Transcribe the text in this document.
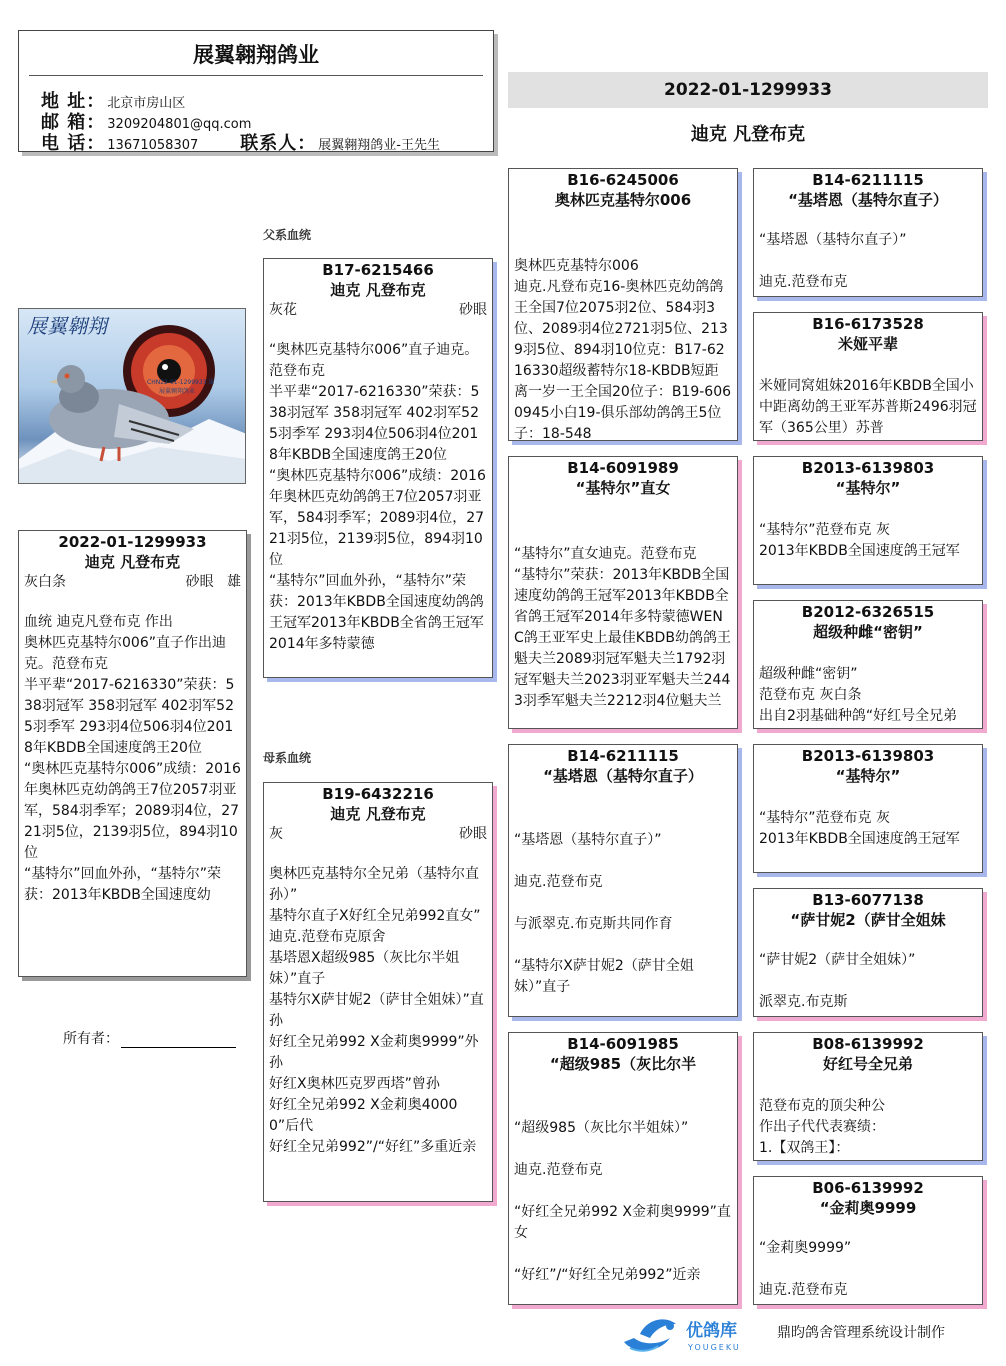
展翼翱翔鸽业
地 址： 北京市房山区
邮 箱： 3209204801@qq.com
电 话： 13671058307 联系人： 展翼翱翔鸽业-王先生
2022-01-1299933
迪克 凡登布克
展翼翱翔
CHN22-01-1299933 雄
展翼翱翔鸽业
2022-01-1299933
迪克 凡登布克
灰白条	砂眼 雄
血统 迪克凡登布克 作出
奥林匹克基特尔006”直子作出迪克。范登布克
半平辈“2017-6216330”荣获：538羽冠军 358羽冠军 402羽军525羽季军 293羽4位506羽4位2018年KBDB全国速度鸽王20位
“奥林匹克基特尔006”成绩：2016年奥林匹克幼鸽鸽王7位2057羽亚军，584羽季军；2089羽4位，2721羽5位，2139羽5位，894羽10位
“基特尔”回血外孙，“基特尔”荣获：2013年KBDB全国速度幼
所有者：
父系血统
母系血统
B17-6215466
迪克 凡登布克
灰花	砂眼
“奥林匹克基特尔006”直子迪克。范登布克
半平辈“2017-6216330”荣获：538羽冠军 358羽冠军 402羽军525羽季军 293羽4位506羽4位2018年KBDB全国速度鸽王20位
“奥林匹克基特尔006”成绩：2016年奥林匹克幼鸽鸽王7位2057羽亚军，584羽季军；2089羽4位，2721羽5位，2139羽5位，894羽10位
“基特尔”回血外孙，“基特尔”荣获：2013年KBDB全国速度幼鸽鸽王冠军2013年KBDB全省鸽王冠军2014年多特蒙德
B19-6432216
迪克 凡登布克
灰	砂眼
奥林匹克基特尔全兄弟（基特尔直孙）”
基特尔直子X好红全兄弟992直女”
迪克.范登布克原舍
基塔恩X超级985（灰比尔半姐妹）”直子
基特尔X萨甘妮2（萨甘全姐妹）”直孙
好红全兄弟992 X金莉奥9999”外孙
好红X奥林匹克罗西塔”曾孙
好红全兄弟992 X金莉奥40000”后代
好红全兄弟992”/“好红”多重近亲
B16-6245006
奥林匹克基特尔006
奥林匹克基特尔006
迪克.凡登布克16-奥林匹克幼鸽鸽王全国7位2075羽2位、584羽3位、2089羽4位2721羽5位、2139羽5位、894羽10位克：B17-6216330超级蓄特尔18-KBDB短距离一岁一王全国20位子：B19-6060945小白19-俱乐部幼鸽鸽王5位子：18-548
B14-6091989
“基特尔”直女
“基特尔”直女迪克。范登布克
“基特尔”荣获：2013年KBDB全国速度幼鸽鸽王冠军2013年KBDB全省鸽王冠军2014年多特蒙德WENC鸽王亚军史上最佳KBDB幼鸽鸽王魁夫兰2089羽冠军魁夫兰1792羽冠军魁夫兰2023羽亚军魁夫兰2443羽季军魁夫兰2212羽4位魁夫兰
B14-6211115
“基塔恩（基特尔直子）
“基塔恩（基特尔直子）”

迪克.范登布克

与派翠克.布克斯共同作育

“基特尔X萨甘妮2（萨甘全姐妹）”直子
B14-6091985
“超级985（灰比尔半
“超级985（灰比尔半姐妹）”

迪克.范登布克

“好红全兄弟992 X金莉奥9999”直女

“好红”/“好红全兄弟992”近亲
B14-6211115
“基塔恩（基特尔直子）
“基塔恩（基特尔直子）”

迪克.范登布克
B16-6173528
米娅平辈
米娅同窝姐妹2016年KBDB全国小中距离幼鸽王亚军苏普斯2496羽冠军（365公里）苏普
B2013-6139803
“基特尔”
“基特尔”范登布克 灰
2013年KBDB全国速度鸽王冠军
B2012-6326515
超级种雌“密钥”
超级种雌“密钥”
范登布克 灰白条
出自2羽基础种鸽“好红号全兄弟
B2013-6139803
“基特尔”
“基特尔”范登布克 灰
2013年KBDB全国速度鸽王冠军
B13-6077138
“萨甘妮2（萨甘全姐妹
“萨甘妮2（萨甘全姐妹）”

派翠克.布克斯
B08-6139992
好红号全兄弟
范登布克的顶尖种公
作出子代代表赛绩：
1.【双鸽王】：
B06-6139992
“金莉奥9999
“金莉奥9999”

迪克.范登布克
优鸽库
YOUGEKU
鼎昀鸽舍管理系统设计制作
